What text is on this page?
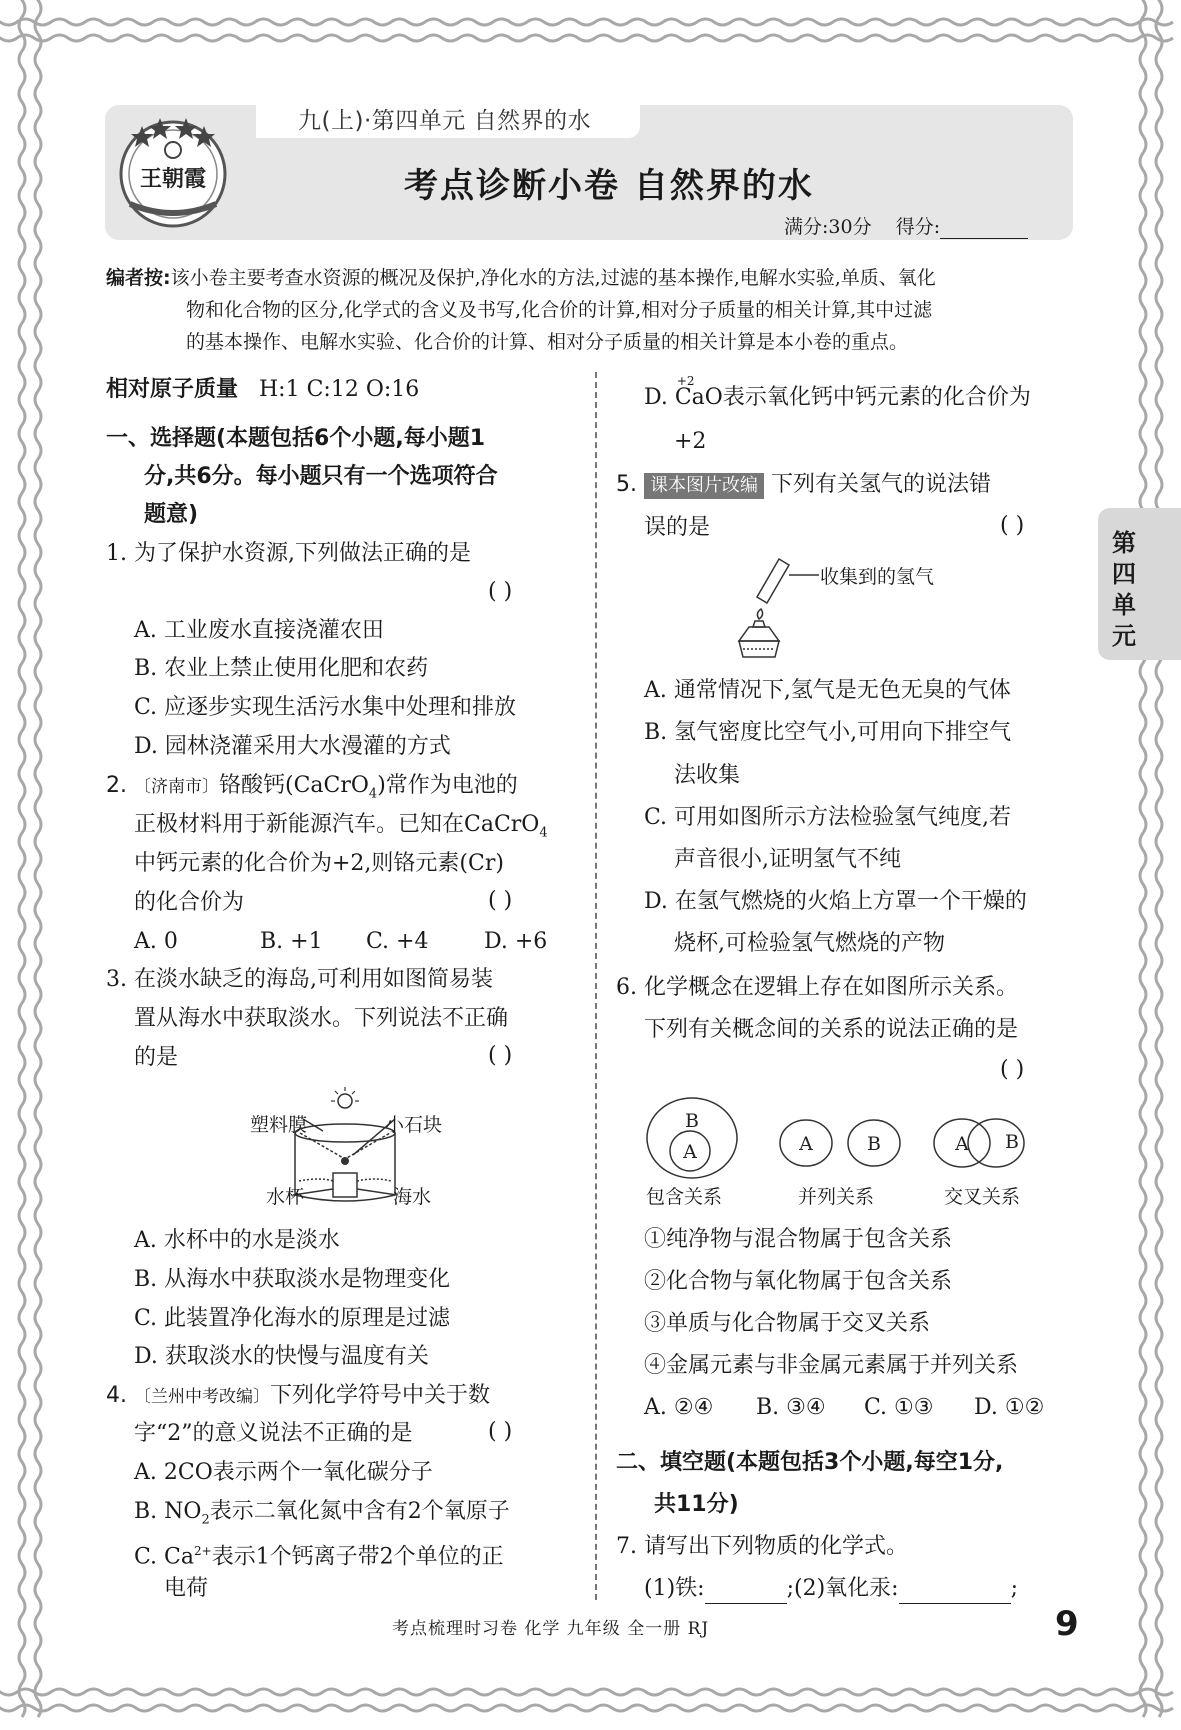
九(上)·第四单元 自然界的水
王朝霞	考点诊断小卷 自然界的水
满分:30分 得分:
编者按:该小卷主要考查水资源的概况及保护,净化水的方法,过滤的基本操作,电解水实验,单质、氧化
物和化合物的区分,化学式的含义及书写,化合价的计算,相对分子质量的相关计算,其中过滤
的基本操作、电解水实验、化合价的计算、相对分子质量的相关计算是本小卷的重点。
相对原子质量 H:1 C:12 O:16
一、选择题(本题包括6个小题,每小题1
分,共6分。每小题只有一个选项符合
题意)
1. 为了保护水资源,下列做法正确的是
( )
A. 工业废水直接浇灌农田
B. 农业上禁止使用化肥和农药
C. 应逐步实现生活污水集中处理和排放
D. 园林浇灌采用大水漫灌的方式
2. 〔济南市〕铬酸钙(CaCrO$_4$)常作为电池的
正极材料用于新能源汽车。已知在CaCrO$_4$
中钙元素的化合价为+2,则铬元素(Cr)
的化合价为	( )
A. 0	B. +1 C. +4	D. +6
3. 在淡水缺乏的海岛,可利用如图简易装
置从海水中获取淡水。下列说法不正确
的是	( )
塑料膜	小石块
水杯	海水
A. 水杯中的水是淡水
B. 从海水中获取淡水是物理变化
C. 此装置净化海水的原理是过滤
D. 获取淡水的快慢与温度有关
4. 〔兰州中考改编〕下列化学符号中关于数
字“2”的意义说法不正确的是	( )
A. 2CO表示两个一氧化碳分子
B. $NO_2$表示二氧化氮中含有2个氧原子
C. $Ca^{2+}$表示1个钙离子带2个单位的正
电荷
D.
+2
CaO表示氧化钙中钙元素的化合价为
+2
5. 课本图片改编 下列有关氢气的说法错
误的是	( )
收集到的氢气
A. 通常情况下,氢气是无色无臭的气体
B. 氢气密度比空气小,可用向下排空气
法收集
C. 可用如图所示方法检验氢气纯度,若
声音很小,证明氢气不纯
D. 在氢气燃烧的火焰上方罩一个干燥的
烧杯,可检验氢气燃烧的产物
6. 化学概念在逻辑上存在如图所示关系。
下列有关概念间的关系的说法正确的是
( )
B
A	A	B	A B
包含关系	并列关系	交叉关系
①纯净物与混合物属于包含关系
②化合物与氧化物属于包含关系
③单质与化合物属于交叉关系
④金属元素与非金属元素属于并列关系
A. ②④ B. ③④ C. ①③ D. ①②
二、填空题(本题包括3个小题,每空1分,
共11分)
7. 请写出下列物质的化学式。
(1)铁:	;(2)氧化汞:	;
第四单元
考点梳理时习卷 化学 九年级 全一册 RJ	9
